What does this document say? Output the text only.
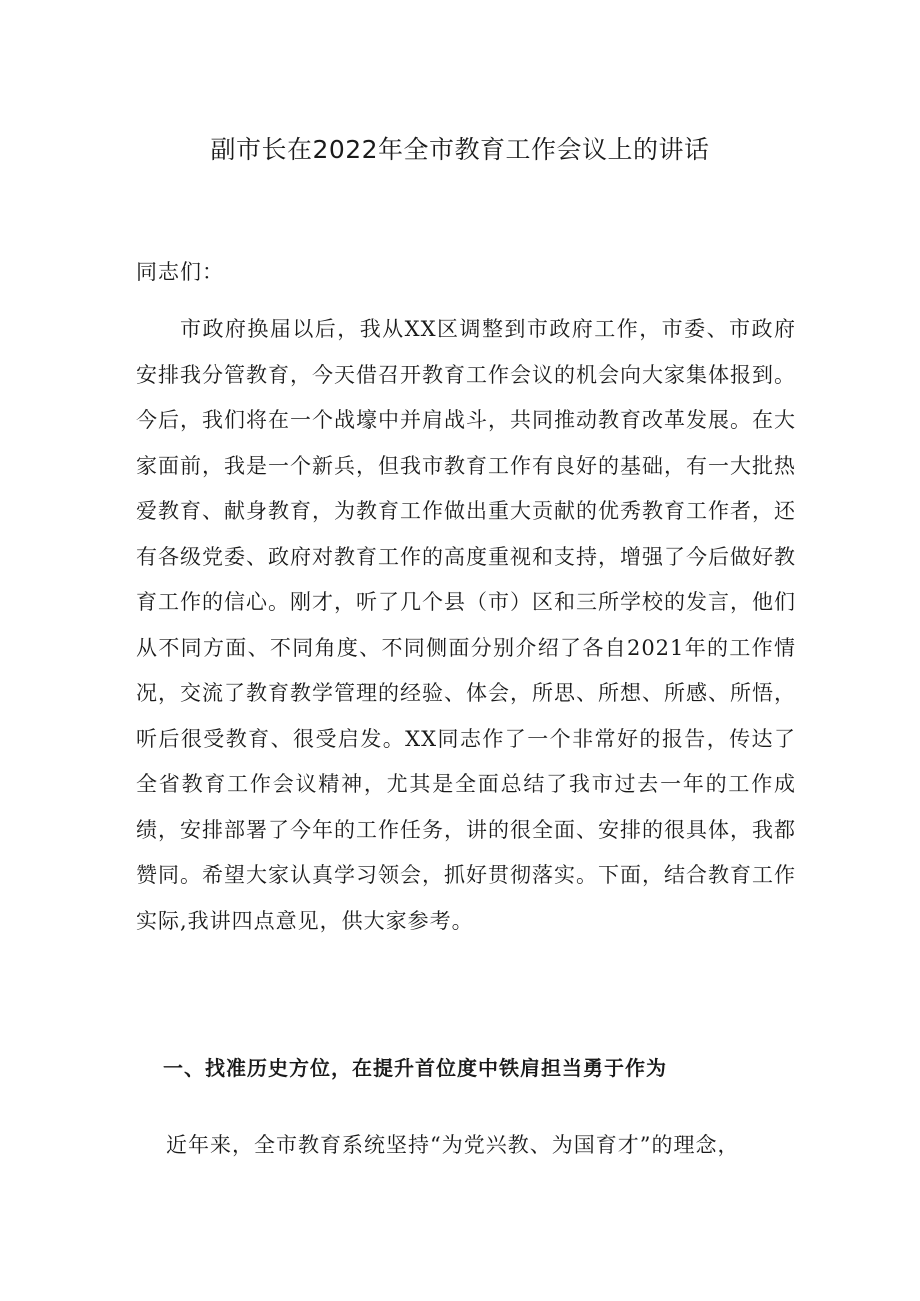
副市长在2022年全市教育工作会议上的讲话
同志们：
市政府换届以后，我从XX区调整到市政府工作，市委、市政府安排我分管教育，今天借召开教育工作会议的机会向大家集体报到。今后，我们将在一个战壕中并肩战斗，共同推动教育改革发展。在大家面前，我是一个新兵，但我市教育工作有良好的基础，有一大批热爱教育、献身教育，为教育工作做出重大贡献的优秀教育工作者，还有各级党委、政府对教育工作的高度重视和支持，增强了今后做好教育工作的信心。刚才，听了几个县（市）区和三所学校的发言，他们从不同方面、不同角度、不同侧面分别介绍了各自2021年的工作情况，交流了教育教学管理的经验、体会，所思、所想、所感、所悟，听后很受教育、很受启发。XX同志作了一个非常好的报告，传达了全省教育工作会议精神，尤其是全面总结了我市过去一年的工作成绩，安排部署了今年的工作任务，讲的很全面、安排的很具体，我都赞同。希望大家认真学习领会，抓好贯彻落实。下面，结合教育工作实际,我讲四点意见，供大家参考。
一、找准历史方位，在提升首位度中铁肩担当勇于作为
近年来，全市教育系统坚持“为党兴教、为国育才”的理念，
